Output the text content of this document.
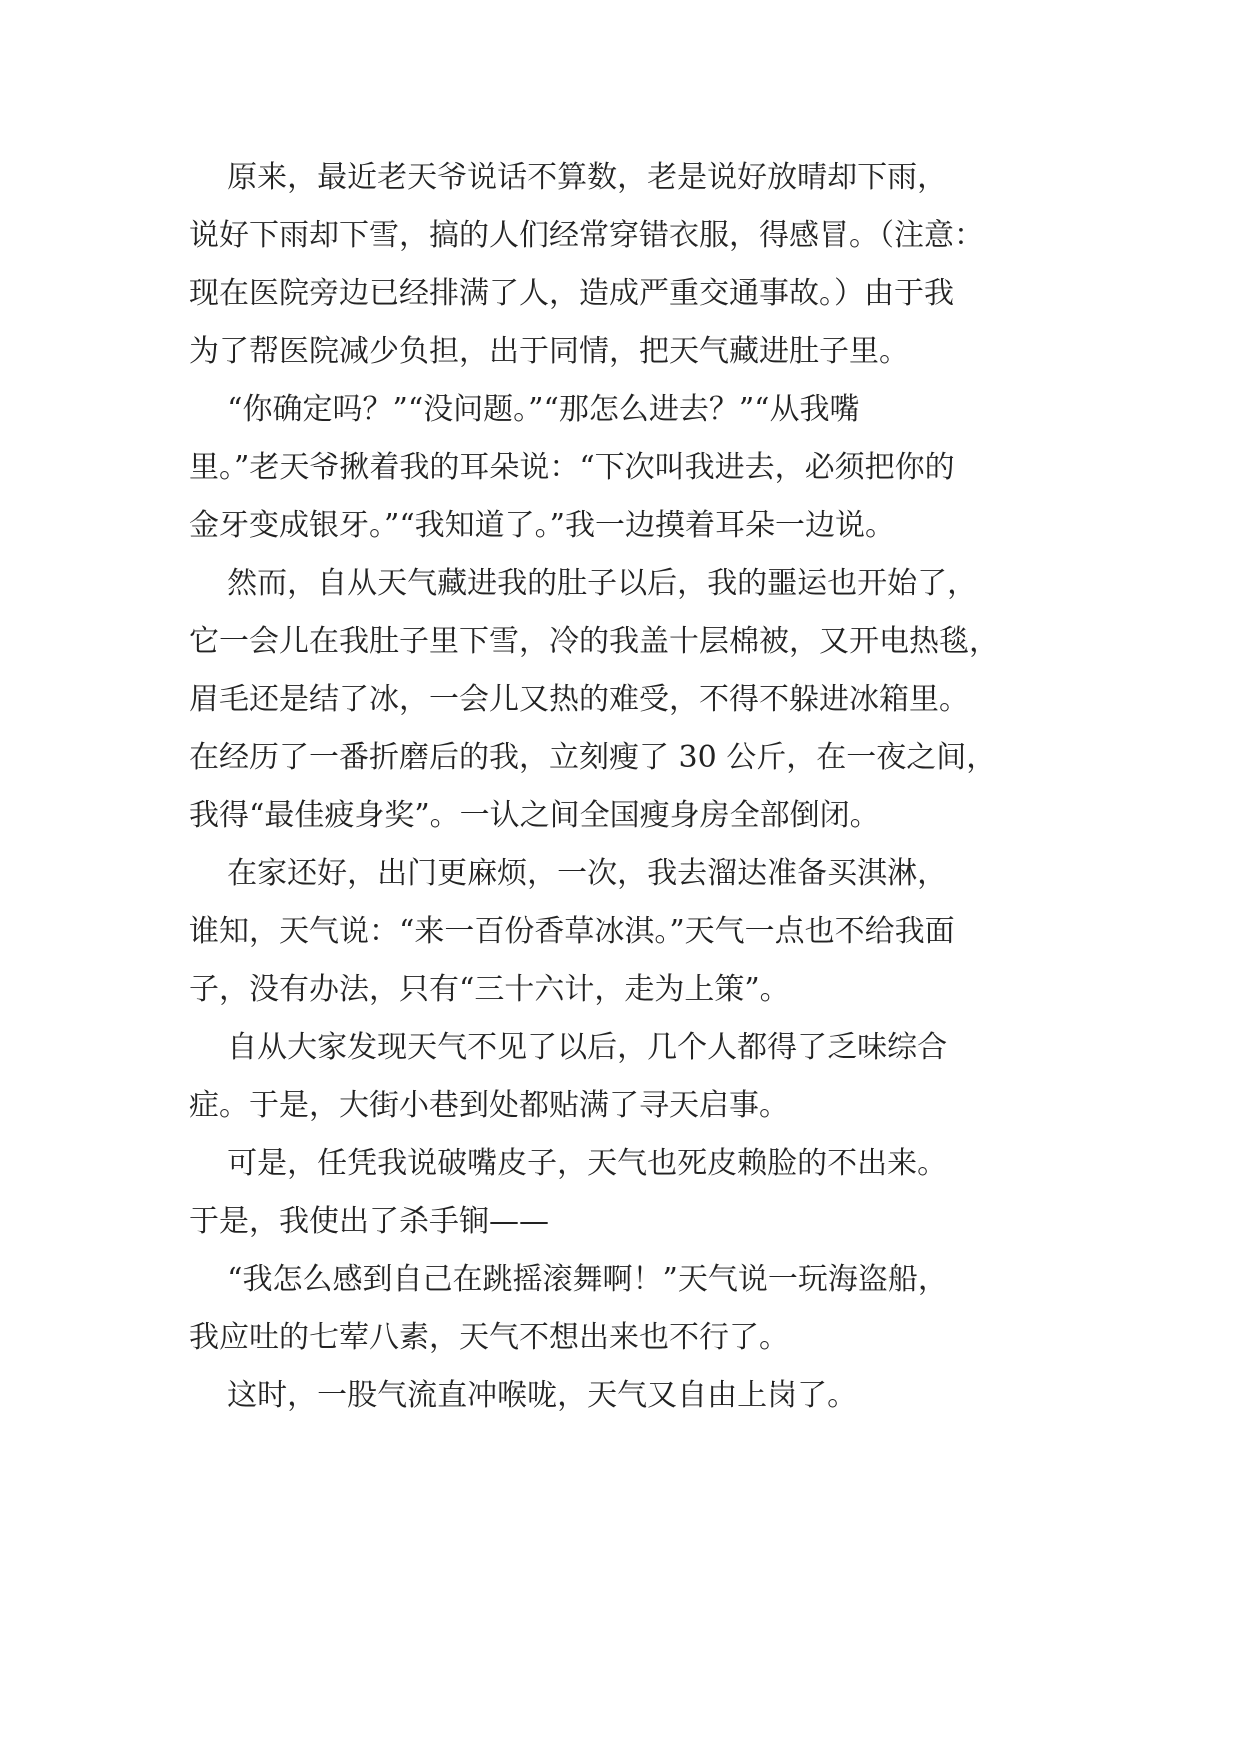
原来，最近老天爷说话不算数，老是说好放晴却下雨，
说好下雨却下雪，搞的人们经常穿错衣服，得感冒。（注意：
现在医院旁边已经排满了人，造成严重交通事故。）由于我
为了帮医院减少负担，出于同情，把天气藏进肚子里。
“你确定吗？”“没问题。”“那怎么进去？”“从我嘴
里。”老天爷揪着我的耳朵说：“下次叫我进去，必须把你的
金牙变成银牙。”“我知道了。”我一边摸着耳朵一边说。
然而，自从天气藏进我的肚子以后，我的噩运也开始了，
它一会儿在我肚子里下雪，冷的我盖十层棉被，又开电热毯，
眉毛还是结了冰，一会儿又热的难受，不得不躲进冰箱里。
在经历了一番折磨后的我，立刻瘦了 30 公斤，在一夜之间，
我得“最佳疲身奖”。一认之间全国瘦身房全部倒闭。
在家还好，出门更麻烦，一次，我去溜达准备买淇淋，
谁知，天气说：“来一百份香草冰淇。”天气一点也不给我面
子，没有办法，只有“三十六计，走为上策”。
自从大家发现天气不见了以后，几个人都得了乏味综合
症。于是，大街小巷到处都贴满了寻天启事。
可是，任凭我说破嘴皮子，天气也死皮赖脸的不出来。
于是，我使出了杀手锏——
“我怎么感到自己在跳摇滚舞啊！”天气说一玩海盗船，
我应吐的七荤八素，天气不想出来也不行了。
这时，一股气流直冲喉咙，天气又自由上岗了。
